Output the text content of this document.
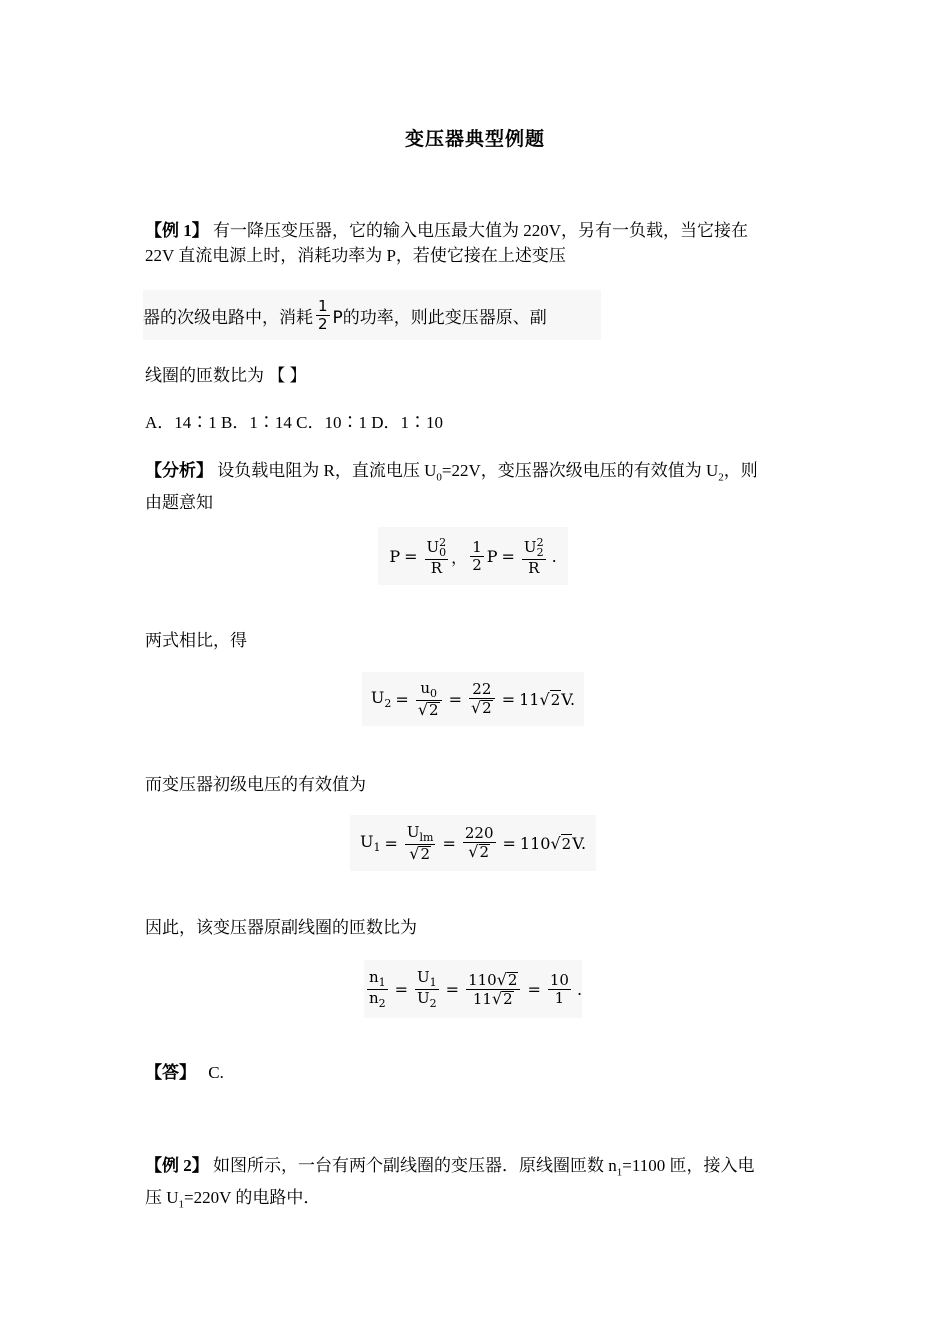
变压器典型例题
【例 1】 有一降压变压器，它的输入电压最大值为 220V，另有一负载，当它接在
22V 直流电源上时，消耗功率为 P，若使它接在上述变压
器的次级电路中，消耗 $\frac{1}{2}$ P的功率，则此变压器原、副
线圈的匝数比为 【 】
A．14∶1 B．1∶14 C．10∶1 D．1∶10
【分析】 设负载电阻为 R，直流电压 $U_0=22V$，变压器次级电压的有效值为 $U_2$，则
由题意知
$P = \frac{U^2_0}{R}$ ， $\frac{1}{2}$ $P = \frac{U^2_2}{R}$ .
两式相比，得
$U_2 = \frac{u_0}{√ 2} = \frac{22}{√ 2} = 11$ √ 2 V.
而变压器初级电压的有效值为
$U_1 = \frac{U_{lm}}{√ 2} = \frac{220}{√ 2} = 110$ √ 2 V.
因此，该变压器原副线圈的匝数比为
$\frac{n_1}{n_2} = \frac{U_1}{U_2} = \frac{110 √ 2}{11 √ 2} = \frac{10}{1}$ .
【答】 C.
【例 2】 如图所示，一台有两个副线圈的变压器．原线圈匝数 $n_1=1100$ 匝，接入电
压 $U_1=220V$ 的电路中．
